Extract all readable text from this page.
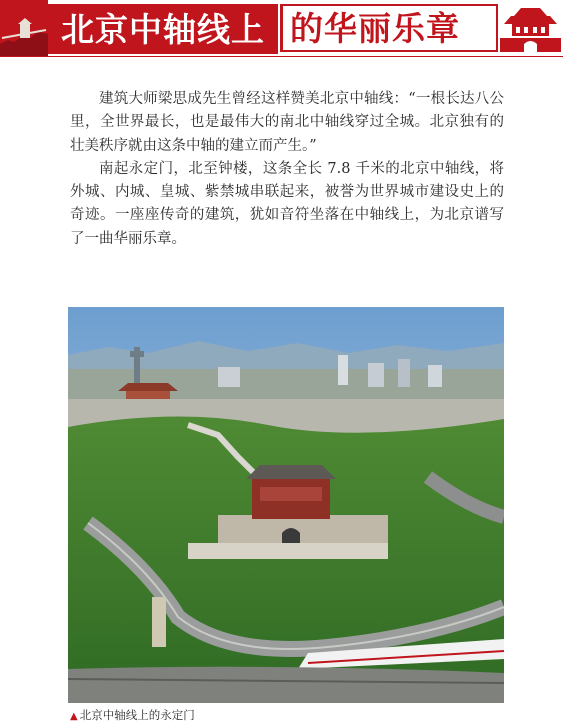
北京中轴线上 的华丽乐章

建筑大师梁思成先生曾经这样赞美北京中轴线：“一根长达八公里，全世界最长，也是最伟大的南北中轴线穿过全城。北京独有的壮美秩序就由这条中轴的建立而产生。”

南起永定门，北至钟楼，这条全长 7.8 千米的北京中轴线，将外城、内城、皇城、紫禁城串联起来，被誉为世界城市建设史上的奇迹。一座座传奇的建筑，犹如音符坐落在中轴线上，为北京谱写了一曲华丽乐章。

▲ 北京中轴线上的永定门
